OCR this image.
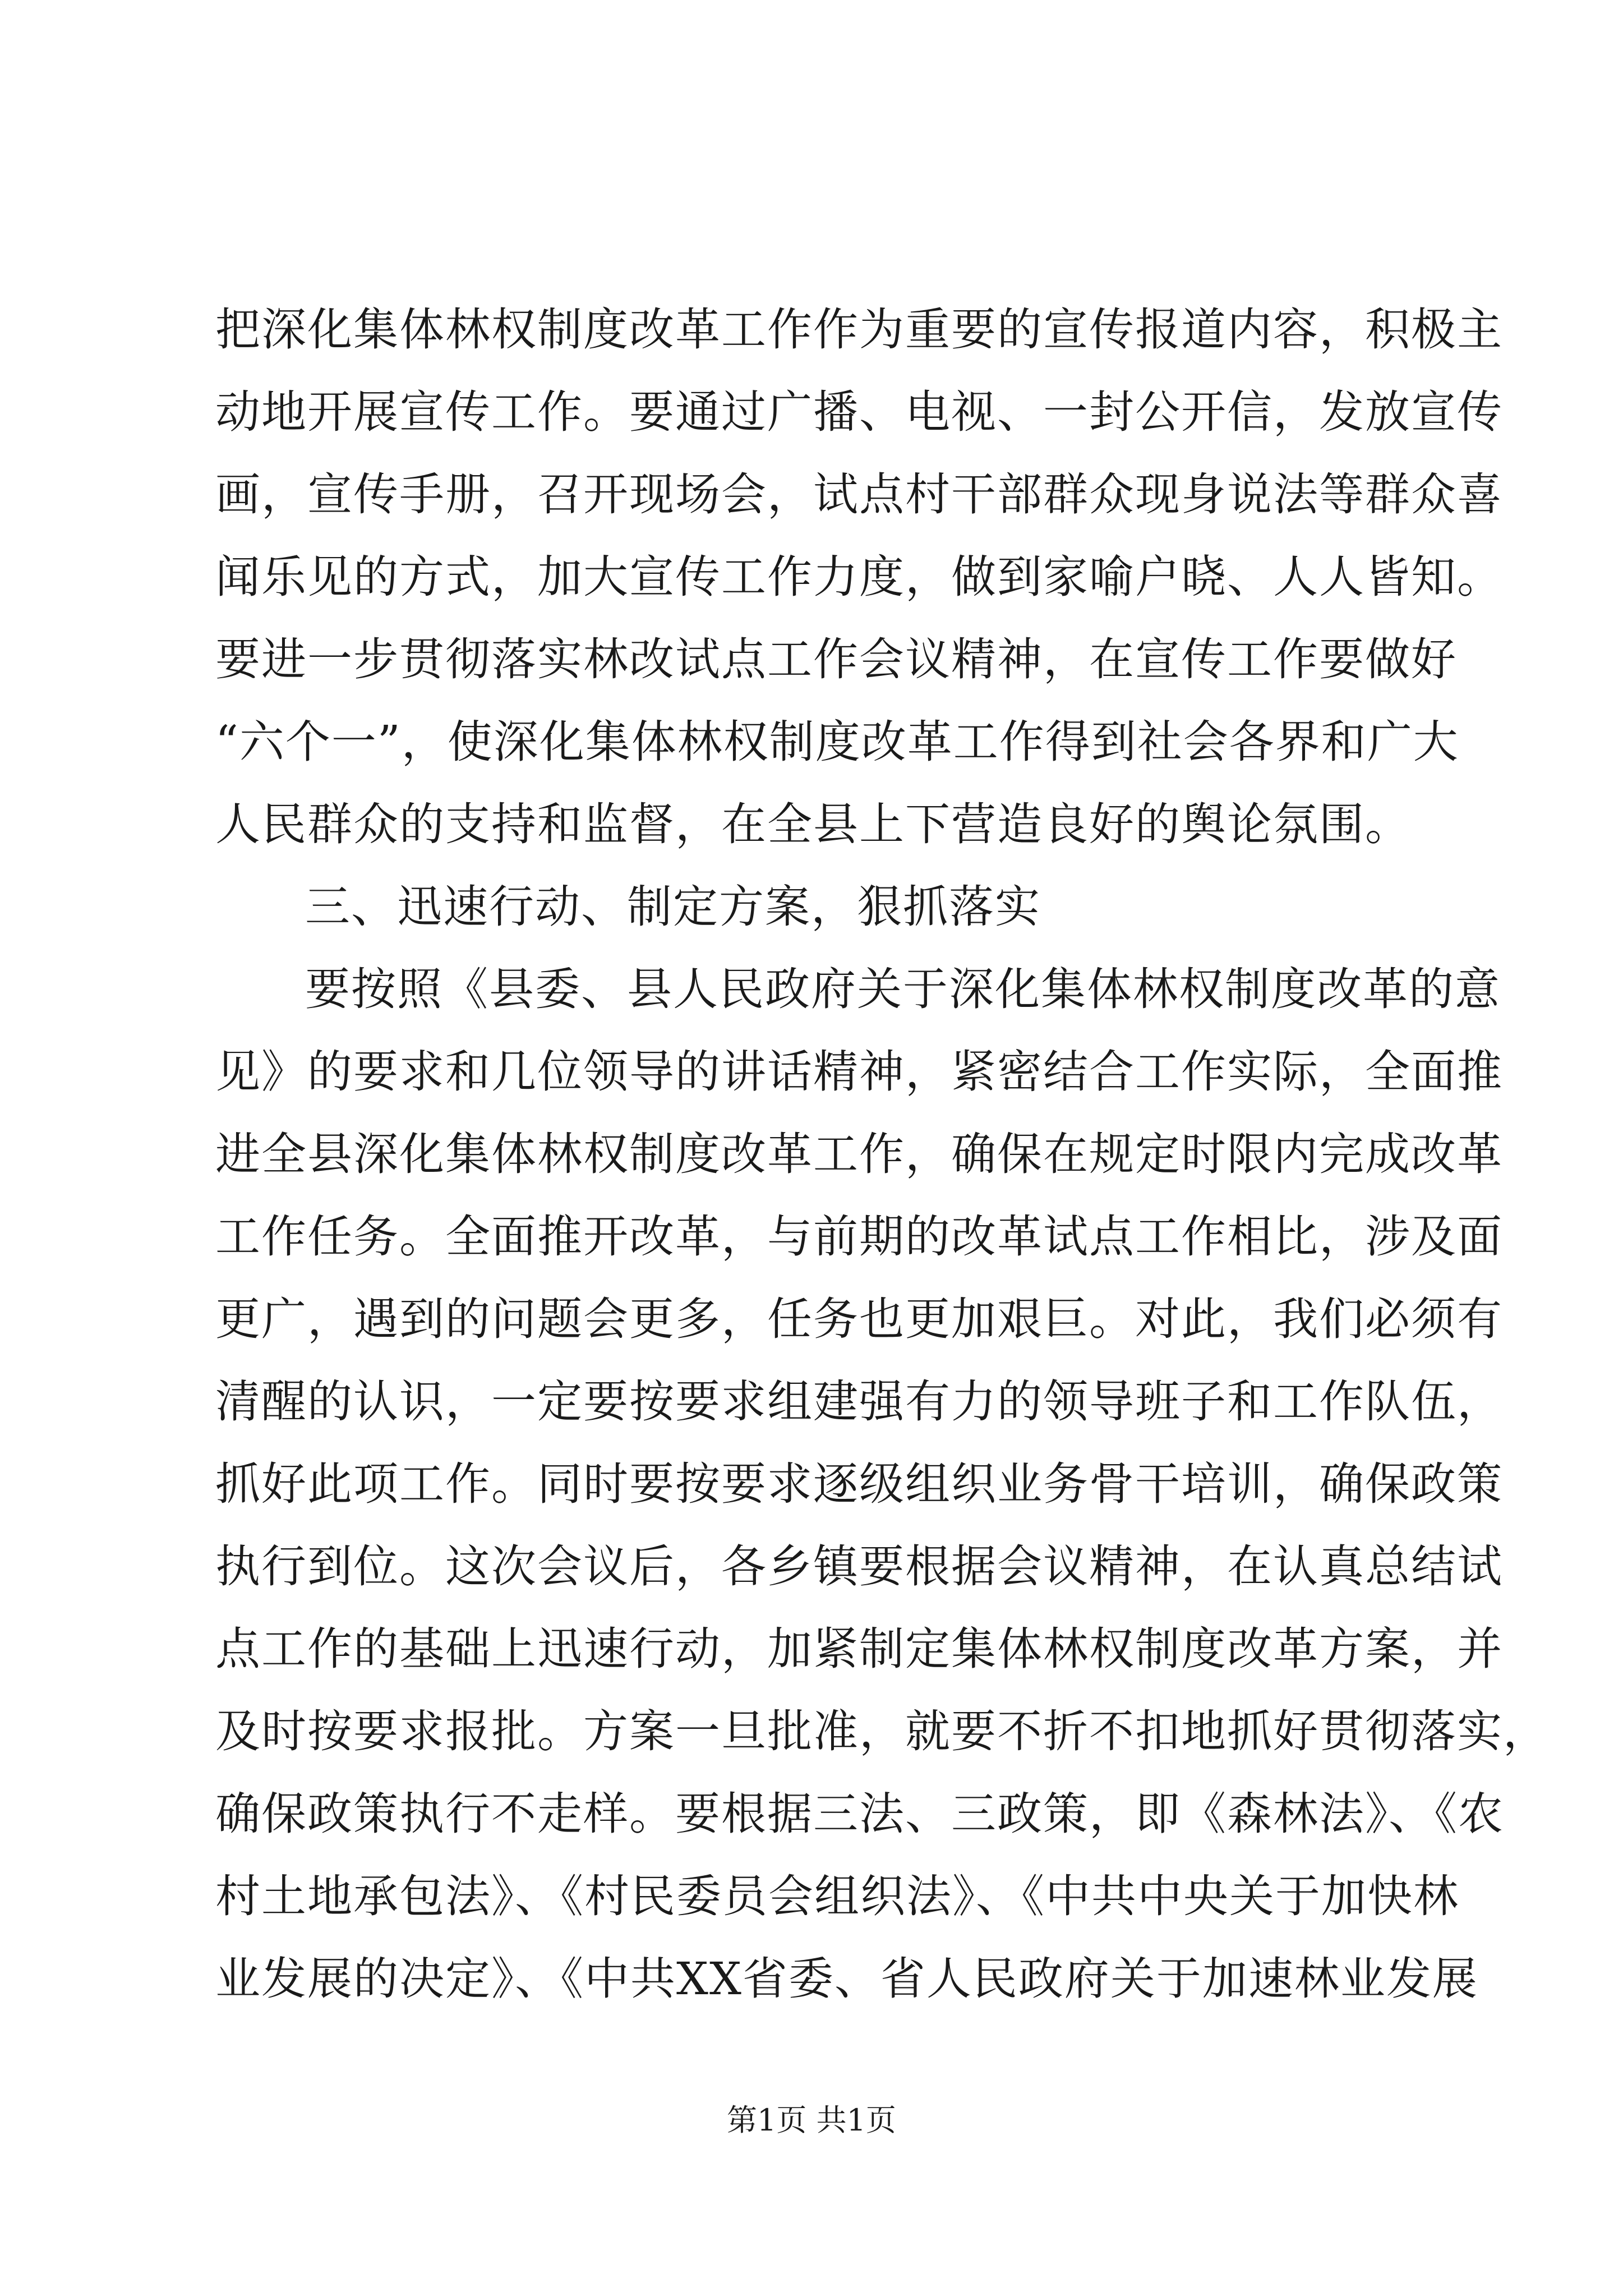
把深化集体林权制度改革工作作为重要的宣传报道内容，积极主
动地开展宣传工作。要通过广播、电视、一封公开信，发放宣传
画，宣传手册，召开现场会，试点村干部群众现身说法等群众喜
闻乐见的方式，加大宣传工作力度，做到家喻户晓、人人皆知。
要进一步贯彻落实林改试点工作会议精神，在宣传工作要做好
“六个一”，使深化集体林权制度改革工作得到社会各界和广大
人民群众的支持和监督，在全县上下营造良好的舆论氛围。
三、迅速行动、制定方案，狠抓落实
要按照《县委、县人民政府关于深化集体林权制度改革的意
见》的要求和几位领导的讲话精神，紧密结合工作实际，全面推
进全县深化集体林权制度改革工作，确保在规定时限内完成改革
工作任务。全面推开改革，与前期的改革试点工作相比，涉及面
更广，遇到的问题会更多，任务也更加艰巨。对此，我们必须有
清醒的认识，一定要按要求组建强有力的领导班子和工作队伍，
抓好此项工作。同时要按要求逐级组织业务骨干培训，确保政策
执行到位。这次会议后，各乡镇要根据会议精神，在认真总结试
点工作的基础上迅速行动，加紧制定集体林权制度改革方案，并
及时按要求报批。方案一旦批准，就要不折不扣地抓好贯彻落实，
确保政策执行不走样。要根据三法、三政策，即《森林法》、《农
村土地承包法》、《村民委员会组织法》、《中共中央关于加快林
业发展的决定》、《中共XX省委、省人民政府关于加速林业发展
第1页 共1页
